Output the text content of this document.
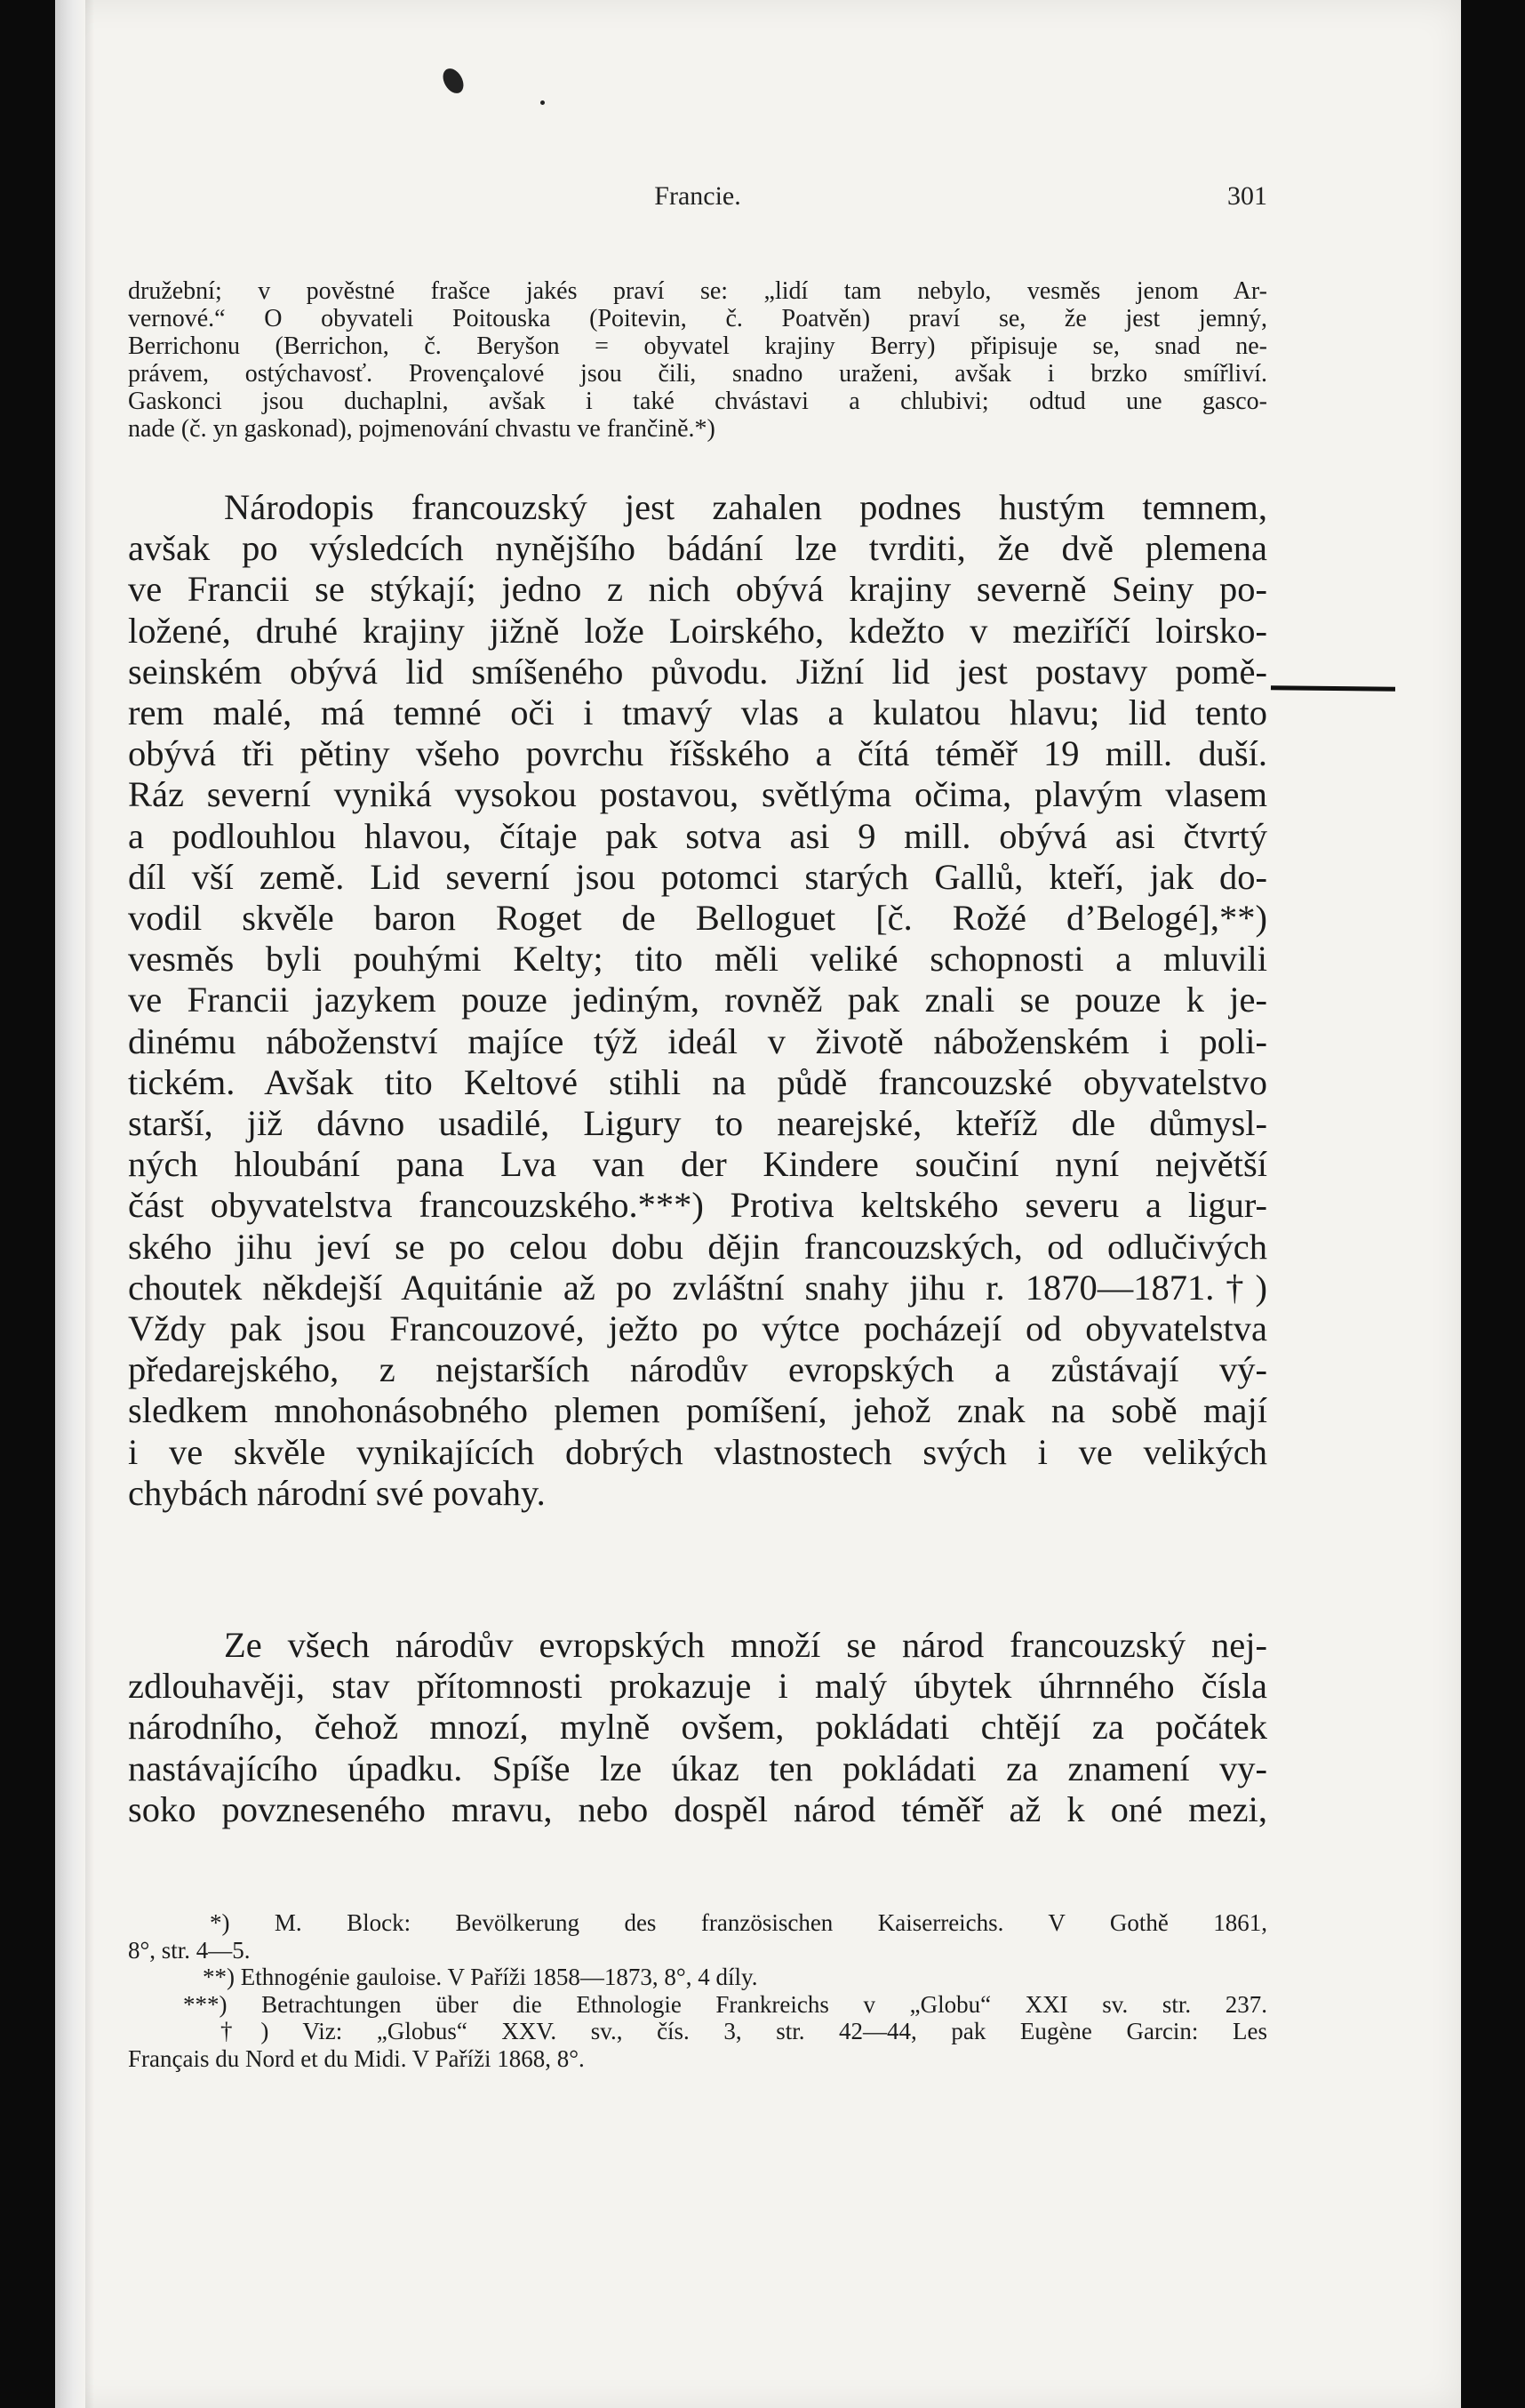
Francie.	301
družební; v pověstné frašce jakés praví se: „lidí tam nebylo, vesměs jenom Ar-
vernové.“ O obyvateli Poitouska (Poitevin, č. Poatvěn) praví se, že jest jemný,
Berrichonu (Berrichon, č. Beryšon = obyvatel krajiny Berry) připisuje se, snad ne-
právem, ostýchavosť. Provençalové jsou čili, snadno uraženi, avšak i brzko smířliví.
Gaskonci jsou duchaplni, avšak i také chvástavi a chlubivi; odtud une gasco-
nade (č. yn gaskonad), pojmenování chvastu ve frančině.*)
Národopis francouzský jest zahalen podnes hustým temnem,
avšak po výsledcích nynějšího bádání lze tvrditi, že dvě plemena
ve Francii se stýkají; jedno z nich obývá krajiny severně Seiny po-
ložené, druhé krajiny jižně lože Loirského, kdežto v meziříčí loirsko-
seinském obývá lid smíšeného původu. Jižní lid jest postavy pomě-
rem malé, má temné oči i tmavý vlas a kulatou hlavu; lid tento
obývá tři pětiny všeho povrchu říšského a čítá téměř 19 mill. duší.
Ráz severní vyniká vysokou postavou, světlýma očima, plavým vlasem
a podlouhlou hlavou, čítaje pak sotva asi 9 mill. obývá asi čtvrtý
díl vší země. Lid severní jsou potomci starých Gallů, kteří, jak do-
vodil skvěle baron Roget de Belloguet [č. Rožé d’Belogé],**)
vesměs byli pouhými Kelty; tito měli veliké schopnosti a mluvili
ve Francii jazykem pouze jediným, rovněž pak znali se pouze k je-
dinému náboženství majíce týž ideál v životě náboženském i poli-
tickém. Avšak tito Keltové stihli na půdě francouzské obyvatelstvo
starší, již dávno usadilé, Ligury to nearejské, kteříž dle důmysl-
ných hloubání pana Lva van der Kindere součiní nyní největší
část obyvatelstva francouzského.***) Protiva keltského severu a ligur-
ského jihu jeví se po celou dobu dějin francouzských, od odlučivých
choutek někdejší Aquitánie až po zvláštní snahy jihu r. 1870—1871.†)
Vždy pak jsou Francouzové, ježto po výtce pocházejí od obyvatelstva
předarejského, z nejstarších národův evropských a zůstávají vý-
sledkem mnohonásobného plemen pomíšení, jehož znak na sobě mají
i ve skvěle vynikajících dobrých vlastnostech svých i ve velikých
chybách národní své povahy.
Ze všech národův evropských množí se národ francouzský nej-
zdlouhavěji, stav přítomnosti prokazuje i malý úbytek úhrnného čísla
národního, čehož mnozí, mylně ovšem, pokládati chtějí za počátek
nastávajícího úpadku. Spíše lze úkaz ten pokládati za znamení vy-
soko povzneseného mravu, nebo dospěl národ téměř až k oné mezi,
*) M. Block: Bevölkerung des französischen Kaiserreichs. V Gothě 1861,
8°, str. 4—5.
**) Ethnogénie gauloise. V Paříži 1858—1873, 8°, 4 díly.
***) Betrachtungen über die Ethnologie Frankreichs v „Globu“ XXI sv. str. 237.
†) Viz: „Globus“ XXV. sv., čís. 3, str. 42—44, pak Eugène Garcin: Les
Français du Nord et du Midi. V Paříži 1868, 8°.
